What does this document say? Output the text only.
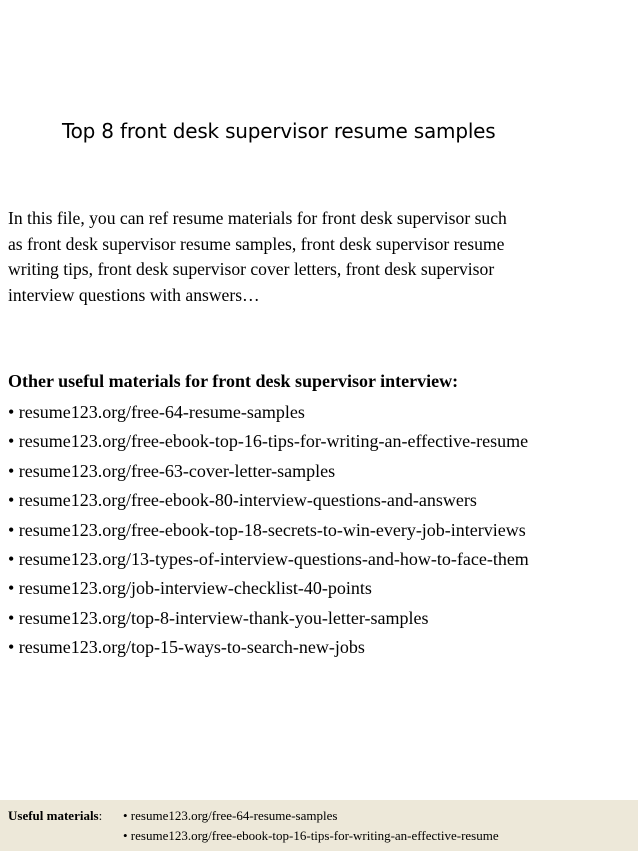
Top 8 front desk supervisor resume samples

In this file, you can ref resume materials for front desk supervisor such
as front desk supervisor resume samples, front desk supervisor resume
writing tips, front desk supervisor cover letters, front desk supervisor
interview questions with answers…

Other useful materials for front desk supervisor interview:
• resume123.org/free-64-resume-samples
• resume123.org/free-ebook-top-16-tips-for-writing-an-effective-resume
• resume123.org/free-63-cover-letter-samples
• resume123.org/free-ebook-80-interview-questions-and-answers
• resume123.org/free-ebook-top-18-secrets-to-win-every-job-interviews
• resume123.org/13-types-of-interview-questions-and-how-to-face-them
• resume123.org/job-interview-checklist-40-points
• resume123.org/top-8-interview-thank-you-letter-samples
• resume123.org/top-15-ways-to-search-new-jobs
Useful materials: • resume123.org/free-64-resume-samples
• resume123.org/free-ebook-top-16-tips-for-writing-an-effective-resume
